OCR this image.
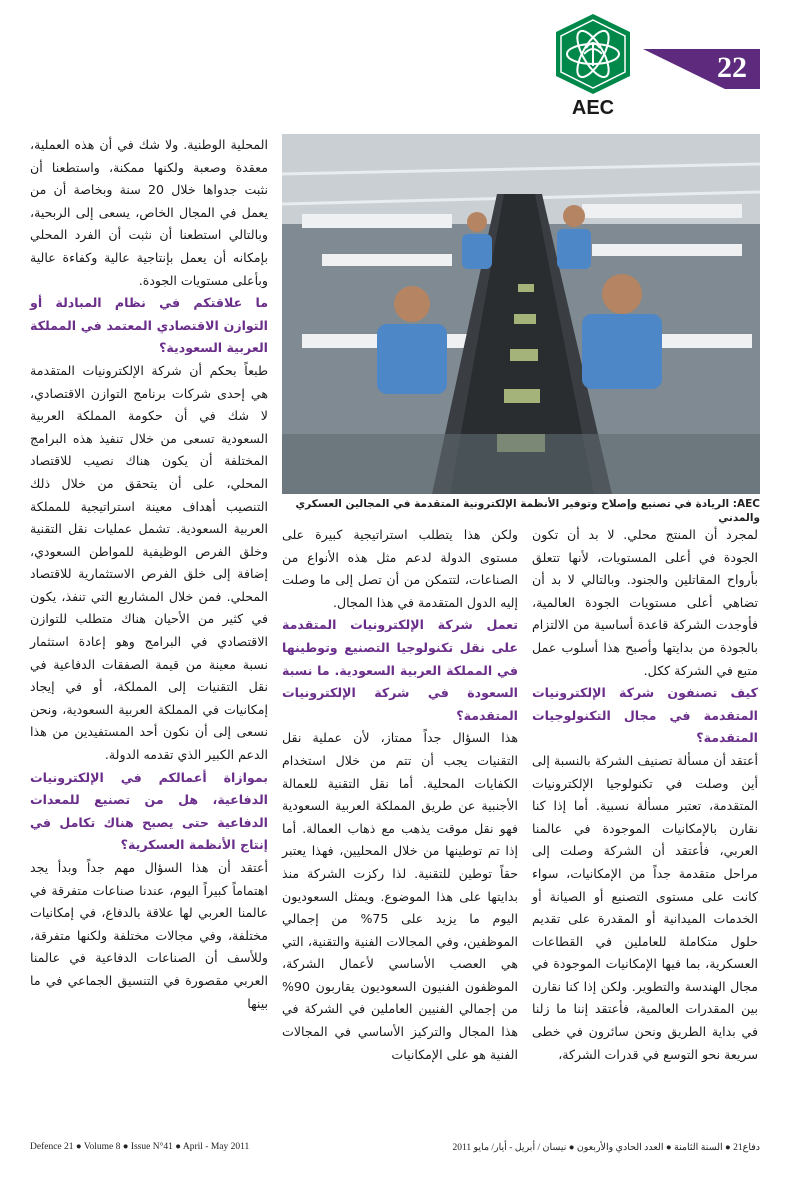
AEC
22
AEC: الريادة في تصنيع وإصلاح وتوفير الأنظمة الإلكترونية المتقدمة في المجالين العسكري والمدني

لمجرد أن المنتج محلي. لا بد أن تكون الجودة في أعلى المستويات، لأنها تتعلق بأرواح المقاتلين والجنود. وبالتالي لا بد أن تضاهي أعلى مستويات الجودة العالمية، فأوجدت الشركة قاعدة أساسية من الالتزام بالجودة من بدايتها وأصبح هذا أسلوب عمل متبع في الشركة ككل.

كيف تصنفون شركة الإلكترونيات المتقدمة في مجال التكنولوجيات المتقدمة؟

أعتقد أن مسألة تصنيف الشركة بالنسبة إلى أين وصلت في تكنولوجيا الإلكترونيات المتقدمة، تعتبر مسألة نسبية. أما إذا كنا نقارن بالإمكانيات الموجودة في عالمنا العربي، فأعتقد أن الشركة وصلت إلى مراحل متقدمة جداً من الإمكانيات، سواء كانت على مستوى التصنيع أو الصيانة أو الخدمات الميدانية أو المقدرة على تقديم حلول متكاملة للعاملين في القطاعات العسكرية، بما فيها الإمكانيات الموجودة في مجال الهندسة والتطوير. ولكن إذا كنا نقارن بين المقدرات العالمية، فأعتقد إننا ما زلنا في بداية الطريق ونحن سائرون في خطى سريعة نحو التوسع في قدرات الشركة،

ولكن هذا يتطلب استراتيجية كبيرة على مستوى الدولة لدعم مثل هذه الأنواع من الصناعات، لتتمكن من أن تصل إلى ما وصلت إليه الدول المتقدمة في هذا المجال.

تعمل شركة الإلكترونيات المتقدمة على نقل تكنولوجيا التصنيع وتوطينها في المملكة العربية السعودية. ما نسبة السعودة في شركة الإلكترونيات المتقدمة؟

هذا السؤال جداً ممتاز، لأن عملية نقل التقنيات يجب أن تتم من خلال استخدام الكفايات المحلية. أما نقل التقنية للعمالة الأجنبية عن طريق المملكة العربية السعودية فهو نقل موقت يذهب مع ذهاب العمالة. أما إذا تم توطينها من خلال المحليين، فهذا يعتبر حقاً توطين للتقنية. لذا ركزت الشركة منذ بدايتها على هذا الموضوع. ويمثل السعوديون اليوم ما يزيد على 75% من إجمالي الموظفين، وفي المجالات الفنية والتقنية، التي هي العصب الأساسي لأعمال الشركة، الموظفون الفنيون السعوديون يقاربون 90% من إجمالي الفنيين العاملين في الشركة في هذا المجال والتركيز الأساسي في المجالات الفنية هو على الإمكانيات

المحلية الوطنية. ولا شك في أن هذه العملية، معقدة وصعبة ولكنها ممكنة، واستطعنا أن نثبت جدواها خلال 20 سنة وبخاصة أن من يعمل في المجال الخاص، يسعى إلى الربحية، وبالتالي استطعنا أن نثبت أن الفرد المحلي بإمكانه أن يعمل بإنتاجية عالية وكفاءة عالية وبأعلى مستويات الجودة.

ما علاقتكم في نظام المبادلة أو التوازن الاقتصادي المعتمد في المملكة العربية السعودية؟

طبعاً بحكم أن شركة الإلكترونيات المتقدمة هي إحدى شركات برنامج التوازن الاقتصادي، لا شك في أن حكومة المملكة العربية السعودية تسعى من خلال تنفيذ هذه البرامج المختلفة أن يكون هناك نصيب للاقتصاد المحلي، على أن يتحقق من خلال ذلك التنصيب أهداف معينة استراتيجية للمملكة العربية السعودية. تشمل عمليات نقل التقنية وخلق الفرص الوظيفية للمواطن السعودي، إضافة إلى خلق الفرص الاستثمارية للاقتصاد المحلي. فمن خلال المشاريع التي تنفذ، يكون في كثير من الأحيان هناك متطلب للتوازن الاقتصادي في البرامج وهو إعادة استثمار نسبة معينة من قيمة الصفقات الدفاعية في نقل التقنيات إلى المملكة، أو في إيجاد إمكانيات في المملكة العربية السعودية، ونحن نسعى إلى أن نكون أحد المستفيدين من هذا الدعم الكبير الذي تقدمه الدولة.

بموازاة أعمالكم في الإلكترونيات الدفاعية، هل من تصنيع للمعدات الدفاعية حتى يصبح هناك تكامل في إنتاج الأنظمة العسكرية؟

أعتقد أن هذا السؤال مهم جداً وبدأ يجد اهتماماً كبيراً اليوم، عندنا صناعات متفرقة في عالمنا العربي لها علاقة بالدفاع، في إمكانيات مختلفة، وفي مجالات مختلفة ولكنها متفرقة، وللأسف أن الصناعات الدفاعية في عالمنا العربي مقصورة في التنسيق الجماعي في ما بينها

Defence 21 ● Volume 8 ● Issue N°41 ● April - May 2011	دفاع21 ● السنة الثامنة ● العدد الحادي والأربعون ● نيسان / أبريل - أيار/ مايو 2011
